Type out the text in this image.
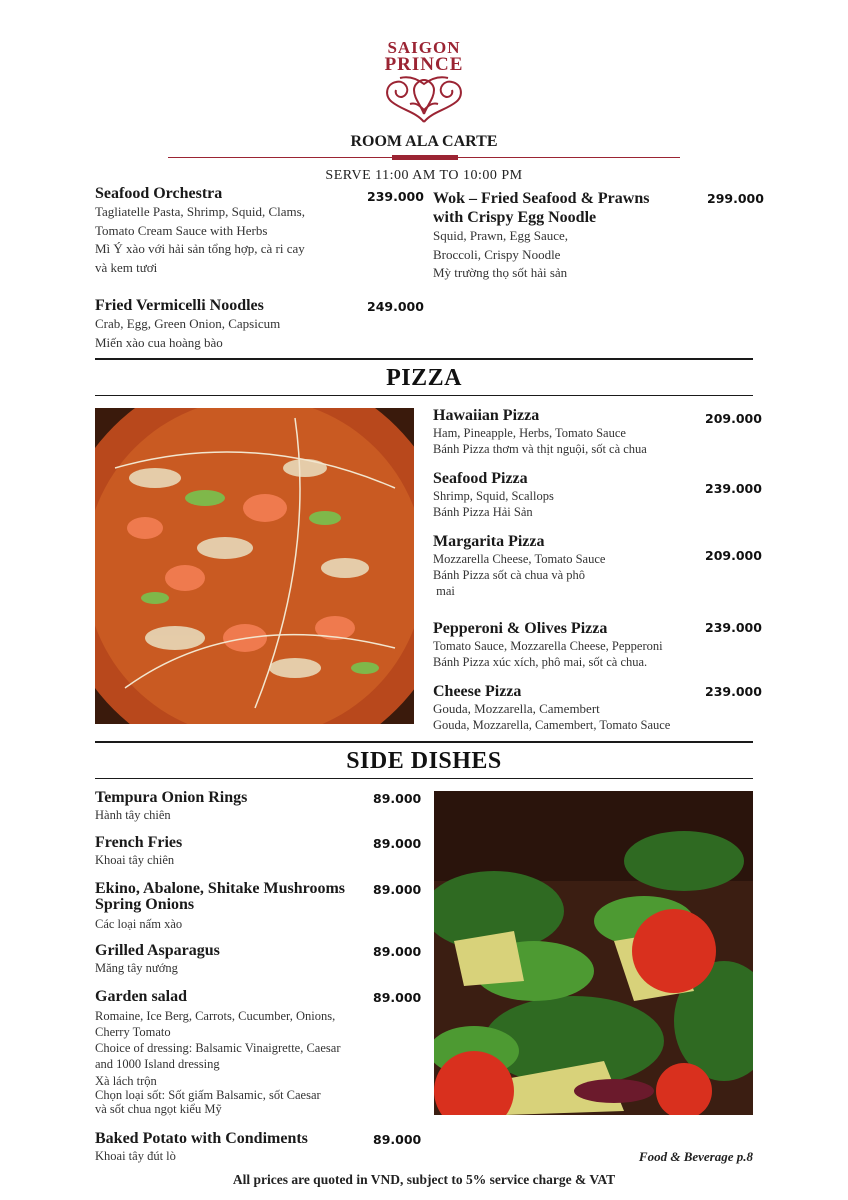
SAIGON
PRINCE
ROOM ALA CARTE
SERVE 11:00 AM TO 10:00 PM
Seafood Orchestra
Tagliatelle Pasta, Shrimp, Squid, Clams,
Tomato Cream Sauce with Herbs
Mì Ý xào với hải sản tổng hợp, cà ri cay
và kem tươi
239.000
Fried Vermicelli Noodles
Crab, Egg, Green Onion, Capsicum
Miến xào cua hoàng bào
249.000
Wok – Fried Seafood & Prawns
with Crispy Egg Noodle
Squid, Prawn, Egg Sauce,
Broccoli, Crispy Noodle
Mỳ trường thọ sốt hải sản
299.000
PIZZA
Hawaiian Pizza
Ham, Pineapple, Herbs, Tomato Sauce
Bánh Pizza thơm và thịt nguội, sốt cà chua
209.000
Seafood Pizza
Shrimp, Squid, Scallops
Bánh Pizza Hải Sản
239.000
Margarita Pizza
Mozzarella Cheese, Tomato Sauce
Bánh Pizza sốt cà chua và phô
mai
209.000
Pepperoni & Olives Pizza
Tomato Sauce, Mozzarella Cheese, Pepperoni
Bánh Pizza xúc xích, phô mai, sốt cà chua.
239.000
Cheese Pizza
Gouda, Mozzarella, Camembert
Gouda, Mozzarella, Camembert, Tomato Sauce
239.000
SIDE DISHES
Tempura Onion Rings
Hành tây chiên
89.000
French Fries
Khoai tây chiên
89.000
Ekino, Abalone, Shitake Mushrooms
Spring Onions
Các loại nấm xào
89.000
Grilled Asparagus
Măng tây nướng
89.000
Garden salad
Romaine, Ice Berg, Carrots, Cucumber, Onions,
Cherry Tomato
Choice of dressing: Balsamic Vinaigrette, Caesar
and 1000 Island dressing
Xà lách trộn
Chọn loại sốt: Sốt giấm Balsamic, sốt Caesar
và sốt chua ngọt kiểu Mỹ
89.000
Baked Potato with Condiments
Khoai tây đút lò
89.000
Food & Beverage p.8
All prices are quoted in VND, subject to 5% service charge & VAT
